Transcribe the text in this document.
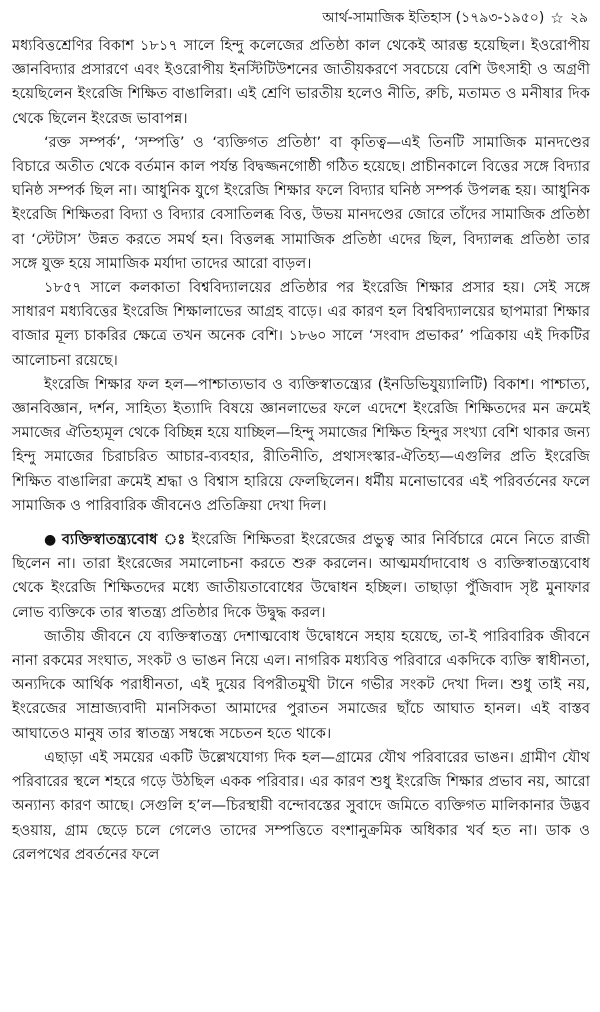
আর্থ-সামাজিক ইতিহাস (১৭৯৩-১৯৫০) ☆ ২৯

মধ্যবিত্তশ্রেণির বিকাশ ১৮১৭ সালে হিন্দু কলেজের প্রতিষ্ঠা কাল থেকেই আরম্ভ হয়েছিল। ইওরোপীয় জ্ঞানবিদ্যার প্রসারণে এবং ইওরোপীয় ইনস্টিটিউশনের জাতীয়করণে সবচেয়ে বেশি উৎসাহী ও অগ্রণী হয়েছিলেন ইংরেজি শিক্ষিত বাঙালিরা। এই শ্রেণি ভারতীয় হলেও নীতি, রুচি, মতামত ও মনীষার দিক থেকে ছিলেন ইংরেজ ভাবাপন্ন।

‘রক্ত সম্পর্ক’, ‘সম্পত্তি’ ও ‘ব্যক্তিগত প্রতিষ্ঠা’ বা কৃতিত্ব—এই তিনটি সামাজিক মানদণ্ডের বিচারে অতীত থেকে বর্তমান কাল পর্যন্ত বিদ্বজ্জনগোষ্ঠী গঠিত হয়েছে। প্রাচীনকালে বিত্তের সঙ্গে বিদ্যার ঘনিষ্ঠ সম্পর্ক ছিল না। আধুনিক যুগে ইংরেজি শিক্ষার ফলে বিদ্যার ঘনিষ্ঠ সম্পর্ক উপলব্ধ হয়। আধুনিক ইংরেজি শিক্ষিতরা বিদ্যা ও বিদ্যার বেসাতিলব্ধ বিত্ত, উভয় মানদণ্ডের জোরে তাঁদের সামাজিক প্রতিষ্ঠা বা ‘স্টেটাস’ উন্নত করতে সমর্থ হন। বিত্তলব্ধ সামাজিক প্রতিষ্ঠা এদের ছিল, বিদ্যালব্ধ প্রতিষ্ঠা তার সঙ্গে যুক্ত হয়ে সামাজিক মর্যাদা তাদের আরো বাড়ল।

১৮৫৭ সালে কলকাতা বিশ্ববিদ্যালয়ের প্রতিষ্ঠার পর ইংরেজি শিক্ষার প্রসার হয়। সেই সঙ্গে সাধারণ মধ্যবিত্তের ইংরেজি শিক্ষালাভের আগ্রহ বাড়ে। এর কারণ হল বিশ্ববিদ্যালয়ের ছাপমারা শিক্ষার বাজার মূল্য চাকরির ক্ষেত্রে তখন অনেক বেশি। ১৮৬০ সালে ‘সংবাদ প্রভাকর’ পত্রিকায় এই দিকটির আলোচনা রয়েছে।

ইংরেজি শিক্ষার ফল হল—পাশ্চাত্যভাব ও ব্যক্তিস্বাতন্ত্র্যের (ইনডিভিযুয়্যালিটি) বিকাশ। পাশ্চাত্য, জ্ঞানবিজ্ঞান, দর্শন, সাহিত্য ইত্যাদি বিষয়ে জ্ঞানলাভের ফলে এদেশে ইংরেজি শিক্ষিতদের মন ক্রমেই সমাজের ঐতিহ্যমূল থেকে বিচ্ছিন্ন হয়ে যাচ্ছিল—হিন্দু সমাজের শিক্ষিত হিন্দুর সংখ্যা বেশি থাকার জন্য হিন্দু সমাজের চিরাচরিত আচার-ব্যবহার, রীতিনীতি, প্রথাসংস্কার-ঐতিহ্য—এগুলির প্রতি ইংরেজি শিক্ষিত বাঙালিরা ক্রমেই শ্রদ্ধা ও বিশ্বাস হারিয়ে ফেলছিলেন। ধর্মীয় মনোভাবের এই পরিবর্তনের ফলে সামাজিক ও পারিবারিক জীবনেও প্রতিক্রিয়া দেখা দিল।

● ব্যক্তিস্বাতন্ত্র্যবোধ ঃ ইংরেজি শিক্ষিতরা ইংরেজের প্রভুত্ব আর নির্বিচারে মেনে নিতে রাজী ছিলেন না। তারা ইংরেজের সমালোচনা করতে শুরু করলেন। আত্মমর্যাদাবোধ ও ব্যক্তিস্বাতন্ত্র্যবোধ থেকে ইংরেজি শিক্ষিতদের মধ্যে জাতীয়তাবোধের উদ্বোধন হচ্ছিল। তাছাড়া পুঁজিবাদ সৃষ্ট মুনাফার লোভ ব্যক্তিকে তার স্বাতন্ত্র্য প্রতিষ্ঠার দিকে উদ্বুদ্ধ করল।

জাতীয় জীবনে যে ব্যক্তিস্বাতন্ত্র্য দেশাত্মবোধ উদ্বোধনে সহায় হয়েছে, তা-ই পারিবারিক জীবনে নানা রকমের সংঘাত, সংকট ও ভাঙন নিয়ে এল। নাগরিক মধ্যবিত্ত পরিবারে একদিকে ব্যক্তি স্বাধীনতা, অন্যদিকে আর্থিক পরাধীনতা, এই দুয়ের বিপরীতমুখী টানে গভীর সংকট দেখা দিল। শুধু তাই নয়, ইংরেজের সাম্রাজ্যবাদী মানসিকতা আমাদের পুরাতন সমাজের ছাঁচে আঘাত হানল। এই বাস্তব আঘাতেও মানুষ তার স্বাতন্ত্র্য সম্বন্ধে সচেতন হতে থাকে।

এছাড়া এই সময়ের একটি উল্লেখযোগ্য দিক হল—গ্রামের যৌথ পরিবারের ভাঙন। গ্রামীণ যৌথ পরিবারের স্থলে শহরে গড়ে উঠছিল একক পরিবার। এর কারণ শুধু ইংরেজি শিক্ষার প্রভাব নয়, আরো অন্যান্য কারণ আছে। সেগুলি হ’ল—চিরস্থায়ী বন্দোবস্তের সুবাদে জমিতে ব্যক্তিগত মালিকানার উদ্ভব হওয়ায়, গ্রাম ছেড়ে চলে গেলেও তাদের সম্পত্তিতে বংশানুক্রমিক অধিকার খর্ব হত না। ডাক ও রেলপথের প্রবর্তনের ফলে
